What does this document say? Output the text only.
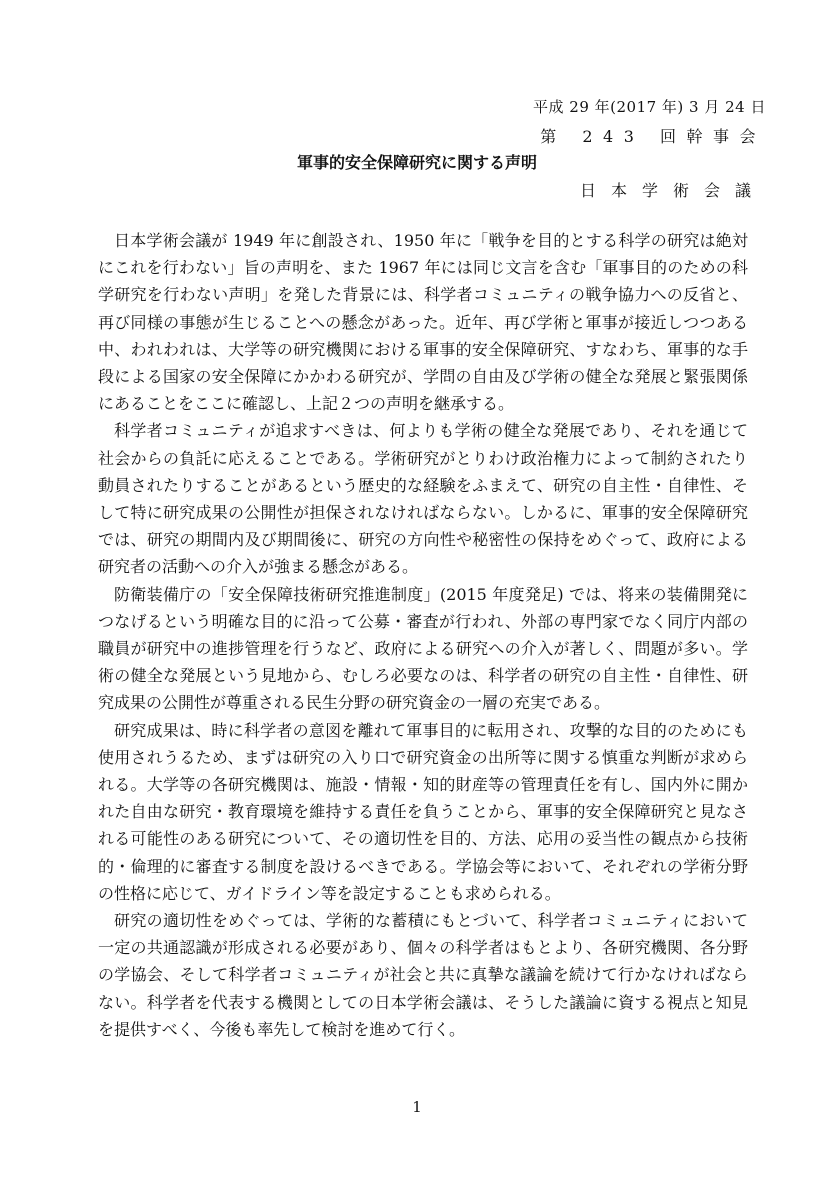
平成 29 年(2017 年) 3 月 24 日
第 243 回幹事会
軍事的安全保障研究に関する声明
日本学術会議

日本学術会議が 1949 年に創設され、1950 年に「戦争を目的とする科学の研究は絶対にこれを行わない」旨の声明を、また 1967 年には同じ文言を含む「軍事目的のための科学研究を行わない声明」を発した背景には、科学者コミュニティの戦争協力への反省と、再び同様の事態が生じることへの懸念があった。近年、再び学術と軍事が接近しつつある中、われわれは、大学等の研究機関における軍事的安全保障研究、すなわち、軍事的な手段による国家の安全保障にかかわる研究が、学問の自由及び学術の健全な発展と緊張関係にあることをここに確認し、上記２つの声明を継承する。

科学者コミュニティが追求すべきは、何よりも学術の健全な発展であり、それを通じて社会からの負託に応えることである。学術研究がとりわけ政治権力によって制約されたり動員されたりすることがあるという歴史的な経験をふまえて、研究の自主性・自律性、そして特に研究成果の公開性が担保されなければならない。しかるに、軍事的安全保障研究では、研究の期間内及び期間後に、研究の方向性や秘密性の保持をめぐって、政府による研究者の活動への介入が強まる懸念がある。

防衛装備庁の「安全保障技術研究推進制度」(2015 年度発足) では、将来の装備開発につなげるという明確な目的に沿って公募・審査が行われ、外部の専門家でなく同庁内部の職員が研究中の進捗管理を行うなど、政府による研究への介入が著しく、問題が多い。学術の健全な発展という見地から、むしろ必要なのは、科学者の研究の自主性・自律性、研究成果の公開性が尊重される民生分野の研究資金の一層の充実である。

研究成果は、時に科学者の意図を離れて軍事目的に転用され、攻撃的な目的のためにも使用されうるため、まずは研究の入り口で研究資金の出所等に関する慎重な判断が求められる。大学等の各研究機関は、施設・情報・知的財産等の管理責任を有し、国内外に開かれた自由な研究・教育環境を維持する責任を負うことから、軍事的安全保障研究と見なされる可能性のある研究について、その適切性を目的、方法、応用の妥当性の観点から技術的・倫理的に審査する制度を設けるべきである。学協会等において、それぞれの学術分野の性格に応じて、ガイドライン等を設定することも求められる。

研究の適切性をめぐっては、学術的な蓄積にもとづいて、科学者コミュニティにおいて一定の共通認識が形成される必要があり、個々の科学者はもとより、各研究機関、各分野の学協会、そして科学者コミュニティが社会と共に真摯な議論を続けて行かなければならない。科学者を代表する機関としての日本学術会議は、そうした議論に資する視点と知見を提供すべく、今後も率先して検討を進めて行く。

1
